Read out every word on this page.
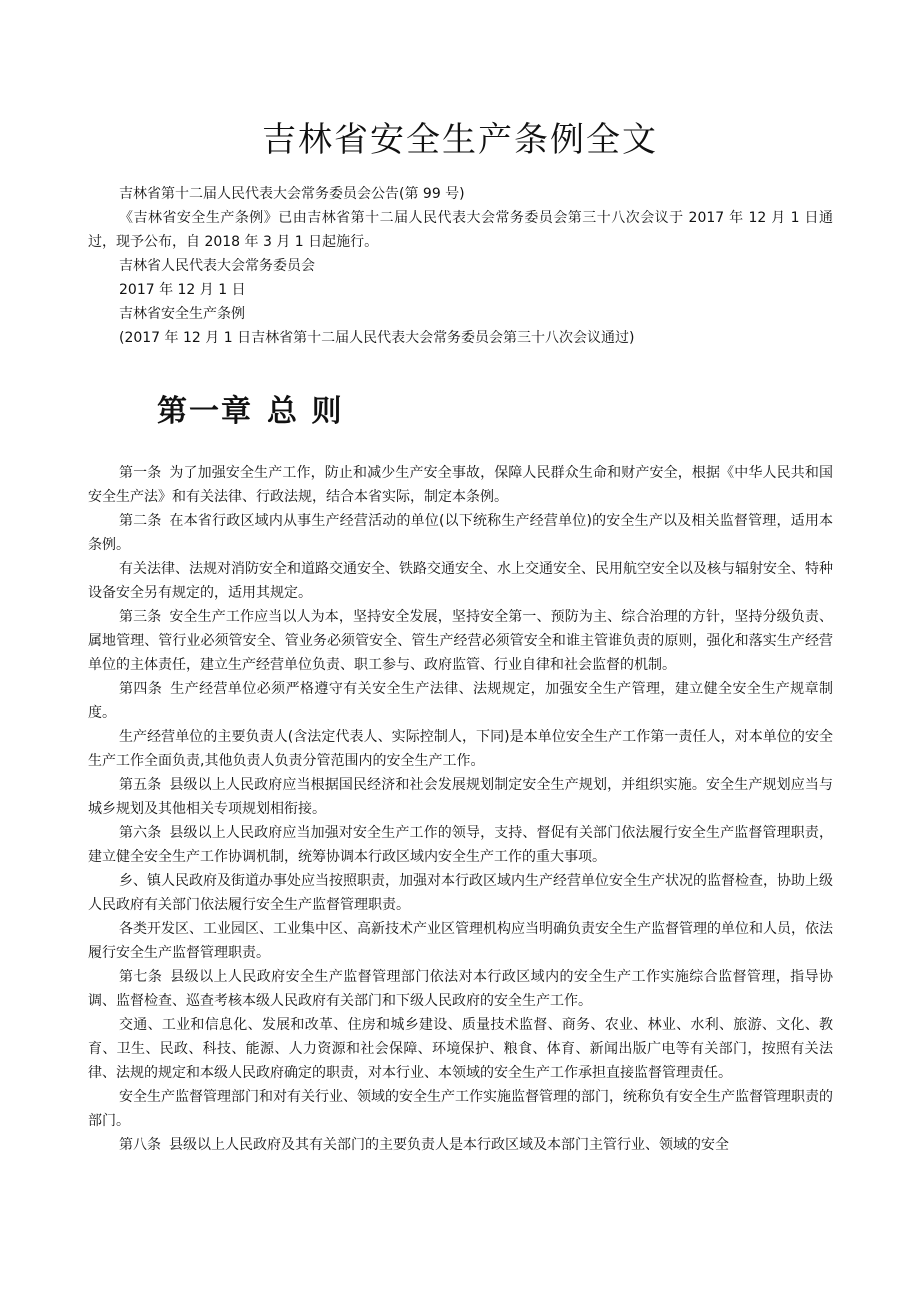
吉林省安全生产条例全文

吉林省第十二届人民代表大会常务委员会公告(第 99 号)

《吉林省安全生产条例》已由吉林省第十二届人民代表大会常务委员会第三十八次会议于 2017 年 12 月 1 日通过，现予公布，自 2018 年 3 月 1 日起施行。

吉林省人民代表大会常务委员会

2017 年 12 月 1 日

吉林省安全生产条例

(2017 年 12 月 1 日吉林省第十二届人民代表大会常务委员会第三十八次会议通过)

第一章 总 则

第一条 为了加强安全生产工作，防止和减少生产安全事故，保障人民群众生命和财产安全，根据《中华人民共和国安全生产法》和有关法律、行政法规，结合本省实际，制定本条例。

第二条 在本省行政区域内从事生产经营活动的单位(以下统称生产经营单位)的安全生产以及相关监督管理，适用本条例。

有关法律、法规对消防安全和道路交通安全、铁路交通安全、水上交通安全、民用航空安全以及核与辐射安全、特种设备安全另有规定的，适用其规定。

第三条 安全生产工作应当以人为本，坚持安全发展，坚持安全第一、预防为主、综合治理的方针，坚持分级负责、属地管理、管行业必须管安全、管业务必须管安全、管生产经营必须管安全和谁主管谁负责的原则，强化和落实生产经营单位的主体责任，建立生产经营单位负责、职工参与、政府监管、行业自律和社会监督的机制。

第四条 生产经营单位必须严格遵守有关安全生产法律、法规规定，加强安全生产管理，建立健全安全生产规章制度。

生产经营单位的主要负责人(含法定代表人、实际控制人，下同)是本单位安全生产工作第一责任人，对本单位的安全生产工作全面负责,其他负责人负责分管范围内的安全生产工作。

第五条 县级以上人民政府应当根据国民经济和社会发展规划制定安全生产规划，并组织实施。安全生产规划应当与城乡规划及其他相关专项规划相衔接。

第六条 县级以上人民政府应当加强对安全生产工作的领导，支持、督促有关部门依法履行安全生产监督管理职责，建立健全安全生产工作协调机制，统筹协调本行政区域内安全生产工作的重大事项。

乡、镇人民政府及街道办事处应当按照职责，加强对本行政区域内生产经营单位安全生产状况的监督检查，协助上级人民政府有关部门依法履行安全生产监督管理职责。

各类开发区、工业园区、工业集中区、高新技术产业区管理机构应当明确负责安全生产监督管理的单位和人员，依法履行安全生产监督管理职责。

第七条 县级以上人民政府安全生产监督管理部门依法对本行政区域内的安全生产工作实施综合监督管理，指导协调、监督检查、巡查考核本级人民政府有关部门和下级人民政府的安全生产工作。

交通、工业和信息化、发展和改革、住房和城乡建设、质量技术监督、商务、农业、林业、水利、旅游、文化、教育、卫生、民政、科技、能源、人力资源和社会保障、环境保护、粮食、体育、新闻出版广电等有关部门，按照有关法律、法规的规定和本级人民政府确定的职责，对本行业、本领域的安全生产工作承担直接监督管理责任。

安全生产监督管理部门和对有关行业、领域的安全生产工作实施监督管理的部门，统称负有安全生产监督管理职责的部门。

第八条 县级以上人民政府及其有关部门的主要负责人是本行政区域及本部门主管行业、领域的安全
